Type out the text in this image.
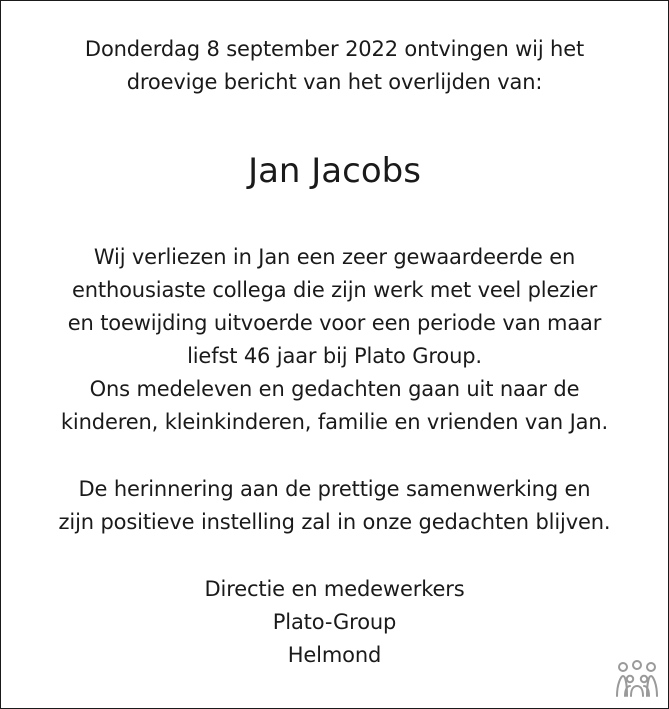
Donderdag 8 september 2022 ontvingen wij het
droevige bericht van het overlijden van:
Jan Jacobs
Wij verliezen in Jan een zeer gewaardeerde en
enthousiaste collega die zijn werk met veel plezier
en toewijding uitvoerde voor een periode van maar
liefst 46 jaar bij Plato Group.
Ons medeleven en gedachten gaan uit naar de
kinderen, kleinkinderen, familie en vrienden van Jan.
De herinnering aan de prettige samenwerking en
zijn positieve instelling zal in onze gedachten blijven.
Directie en medewerkers
Plato-Group
Helmond
